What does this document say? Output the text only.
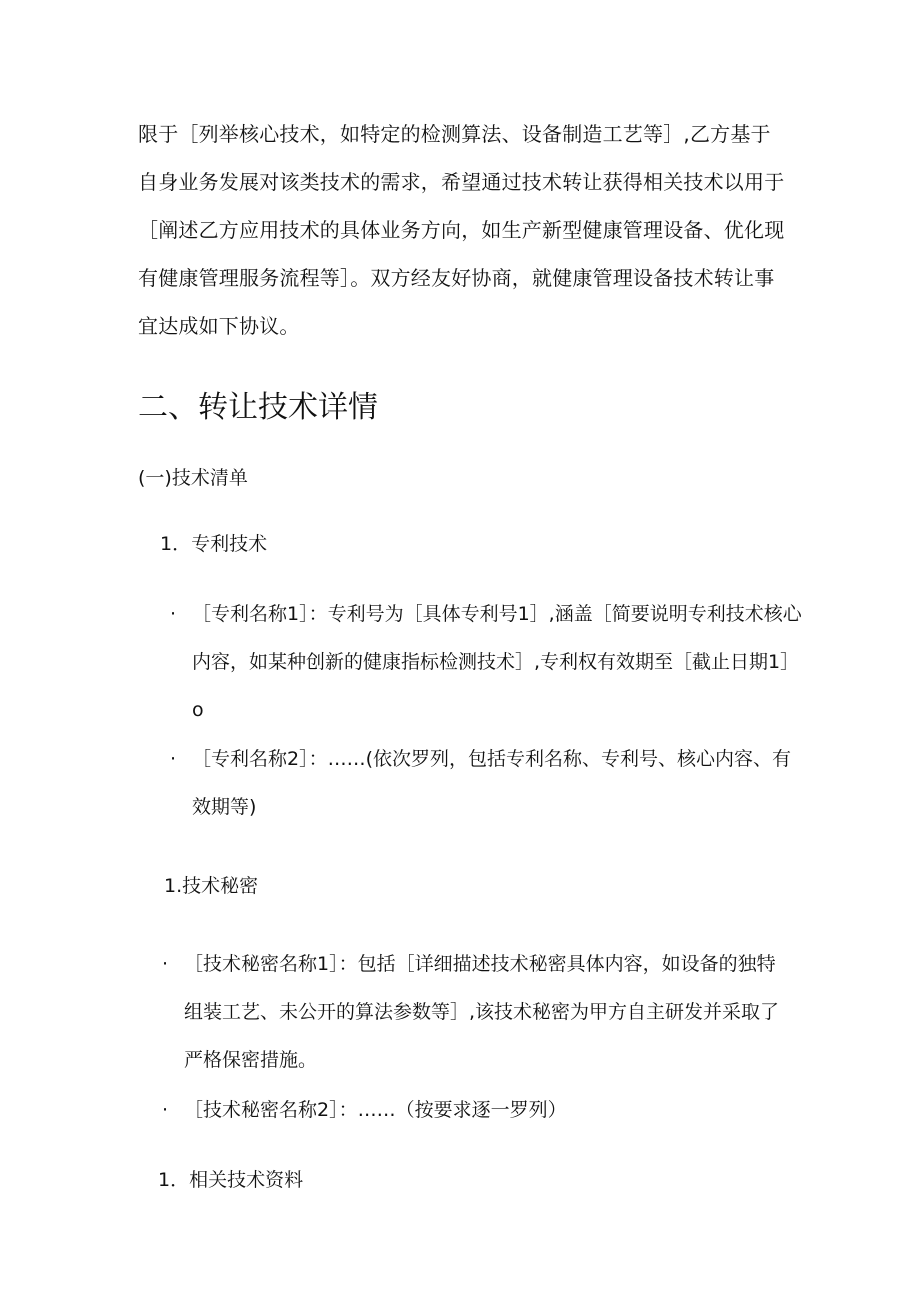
限于［列举核心技术，如特定的检测算法、设备制造工艺等］,乙方基于自身业务发展对该类技术的需求，希望通过技术转让获得相关技术以用于［阐述乙方应用技术的具体业务方向，如生产新型健康管理设备、优化现有健康管理服务流程等］。双方经友好协商，就健康管理设备技术转让事宜达成如下协议。
二、转让技术详情
(一)技术清单
1．专利技术
· ［专利名称1］：专利号为［具体专利号1］,涵盖［简要说明专利技术核心内容，如某种创新的健康指标检测技术］,专利权有效期至［截止日期1］o
· ［专利名称2］：……(依次罗列，包括专利名称、专利号、核心内容、有效期等)
1.技术秘密
· ［技术秘密名称1］：包括［详细描述技术秘密具体内容，如设备的独特组装工艺、未公开的算法参数等］,该技术秘密为甲方自主研发并采取了严格保密措施。
· ［技术秘密名称2］：……（按要求逐一罗列）
1．相关技术资料
